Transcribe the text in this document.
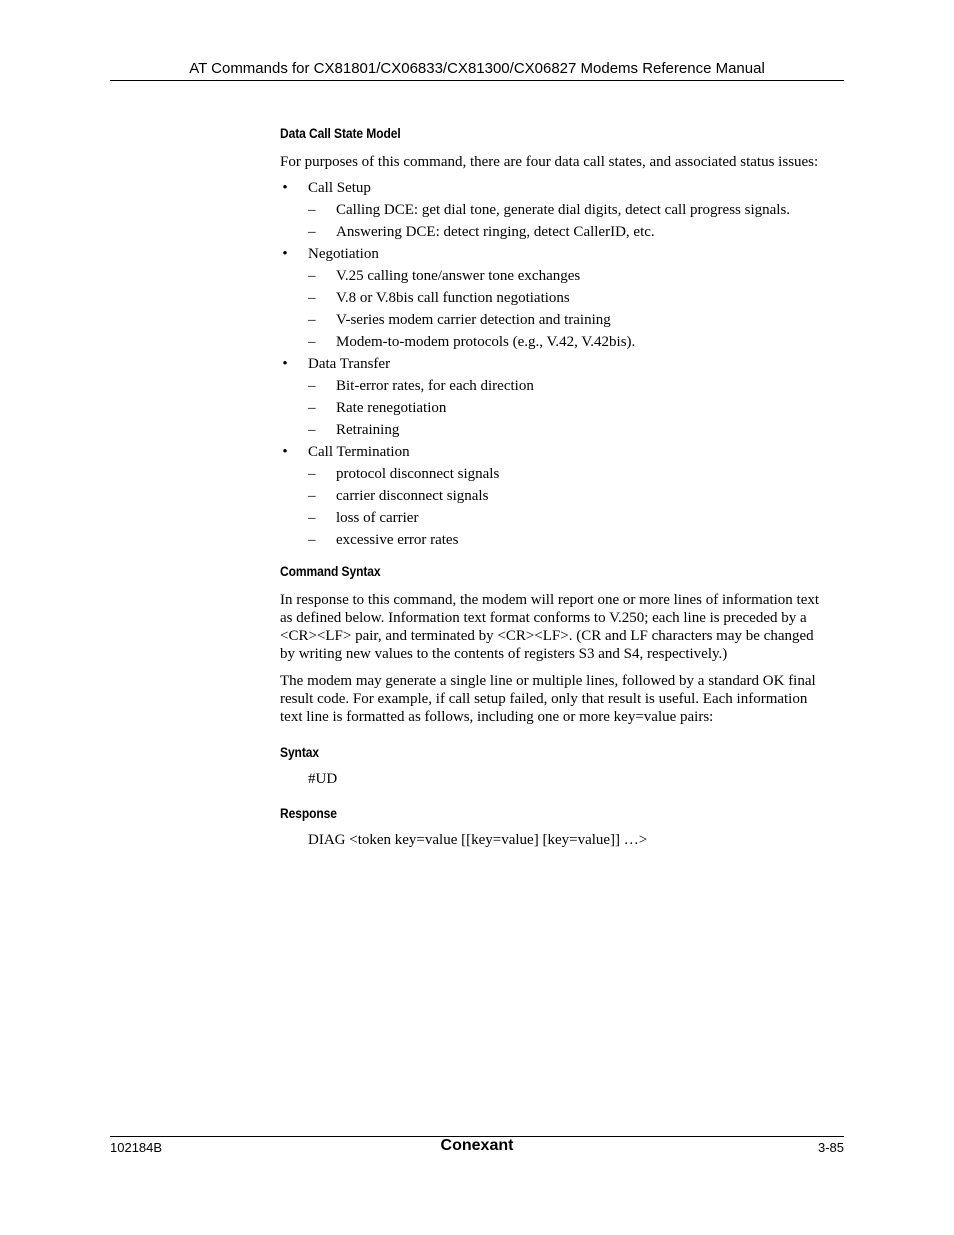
AT Commands for CX81801/CX06833/CX81300/CX06827 Modems Reference Manual
Data Call State Model
For purposes of this command, there are four data call states, and associated status issues:
• Call Setup
– Calling DCE: get dial tone, generate dial digits, detect call progress signals.
– Answering DCE: detect ringing, detect CallerID, etc.
• Negotiation
– V.25 calling tone/answer tone exchanges
– V.8 or V.8bis call function negotiations
– V-series modem carrier detection and training
– Modem-to-modem protocols (e.g., V.42, V.42bis).
• Data Transfer
– Bit-error rates, for each direction
– Rate renegotiation
– Retraining
• Call Termination
– protocol disconnect signals
– carrier disconnect signals
– loss of carrier
– excessive error rates
Command Syntax
In response to this command, the modem will report one or more lines of information text
as defined below. Information text format conforms to V.250; each line is preceded by a
<CR><LF> pair, and terminated by <CR><LF>. (CR and LF characters may be changed
by writing new values to the contents of registers S3 and S4, respectively.)
The modem may generate a single line or multiple lines, followed by a standard OK final
result code. For example, if call setup failed, only that result is useful. Each information
text line is formatted as follows, including one or more key=value pairs:
Syntax
#UD
Response
DIAG <token key=value [[key=value] [key=value]] …>
102184B	Conexant	3-85
